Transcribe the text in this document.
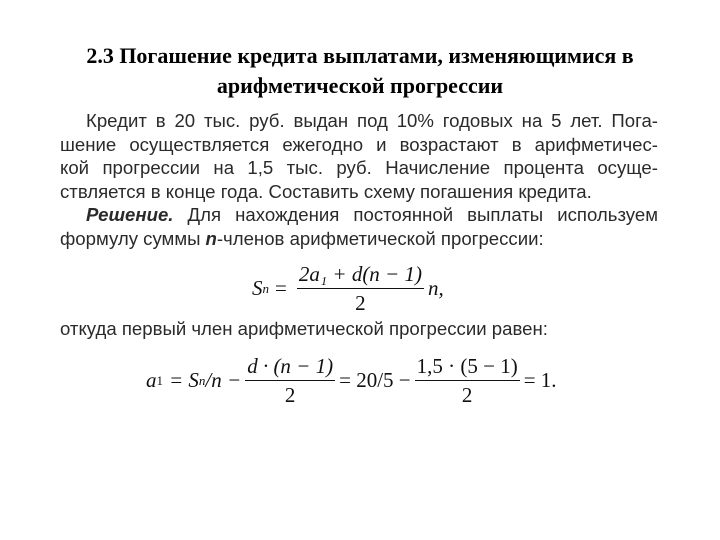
2.3 Погашение кредита выплатами, изменяющимися в
арифметической прогрессии
Кредит в 20 тыс. руб. выдан под 10% годовых на 5 лет. Пога-
шение осуществляется ежегодно и возрастают в арифметичес-
кой прогрессии на 1,5 тыс. руб. Начисление процента осуще-
ствляется в конце года. Составить схему погашения кредита.
Решение. Для нахождения постоянной выплаты используем
формулу суммы n -членов арифметической прогрессии:
S $n = \frac{\text{2a₁ + d(n − 1)}}{2} n$,
откуда первый член арифметической прогрессии равен:
a 1 = S n $/n - \frac{d \cdot (n - 1)}{2} = 20/5 - \frac{1,5 \cdot (5 - 1)}{2} = 1$.
